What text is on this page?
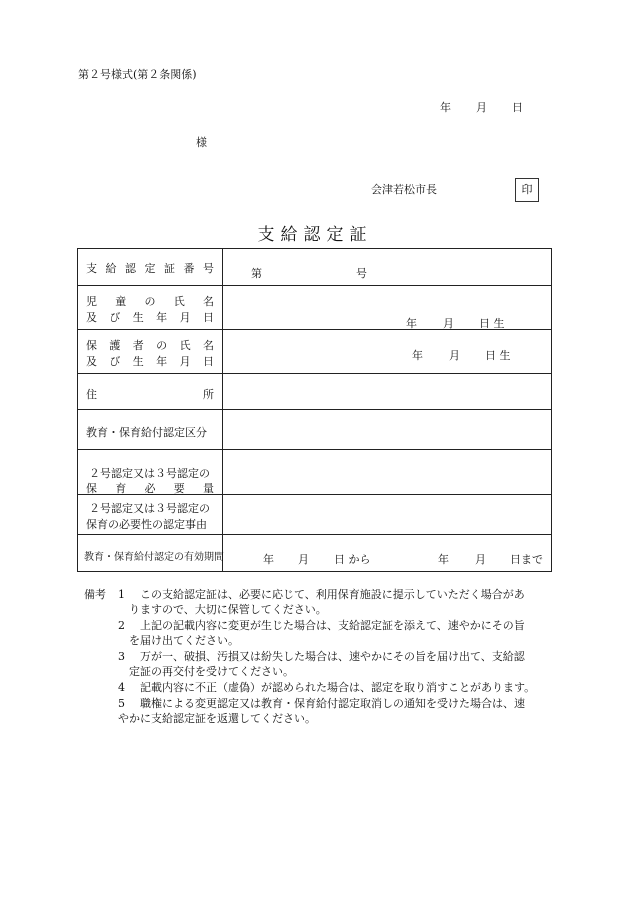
第２号様式(第２条関係)
年 月 日
様
会津若松市長	印
支給認定証
支 給 認 定 証 番 号	第	号
児 童 の 氏 名
及 び 生 年 月 日	年 月 日 生
保 護 者 の 氏 名
及 び 生 年 月 日	年 月 日 生
住	所
教育・保育給付認定区分
２号認定又は３号認定の
保 育 必 要 量
２号認定又は３号認定の
保育の必要性の認定事由
教育・保育給付認定の有効期間	年 月 日 から	年 月 日まで
備考 1 この支給認定証は、必要に応じて、利用保育施設に提示していただく場合があ
りますので、大切に保管してください。
2 上記の記載内容に変更が生じた場合は、支給認定証を添えて、速やかにその旨
を届け出てください。
3 万が一、破損、汚損又は紛失した場合は、速やかにその旨を届け出て、支給認
定証の再交付を受けてください。
4 記載内容に不正（虚偽）が認められた場合は、認定を取り消すことがあります。
5 職権による変更認定又は教育・保育給付認定取消しの通知を受けた場合は、速
やかに支給認定証を返還してください。
